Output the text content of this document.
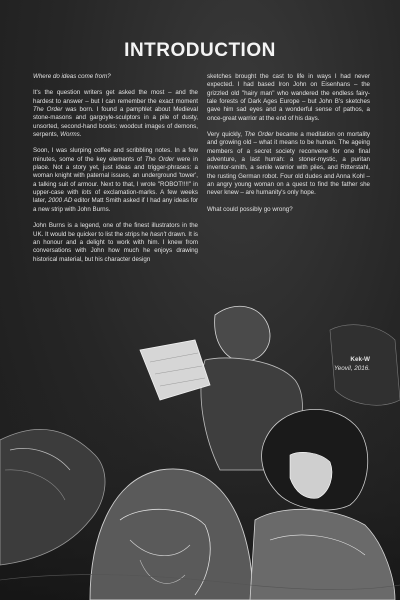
INTRODUCTION

Where do ideas come from?

It's the question writers get asked the most – and the hardest to answer – but I can remember the exact moment The Order was born. I found a pamphlet about Medieval stone-masons and gargoyle-sculptors in a pile of dusty, unsorted, second-hand books: woodcut images of demons, serpents, Worms.

Soon, I was slurping coffee and scribbling notes. In a few minutes, some of the key elements of The Order were in place. Not a story yet, just ideas and trigger-phrases: a woman knight with paternal issues, an underground 'tower', a talking suit of armour. Next to that, I wrote "ROBOT!!!!" in upper-case with lots of exclamation-marks. A few weeks later, 2000 AD editor Matt Smith asked if I had any ideas for a new strip with John Burns.

John Burns is a legend, one of the finest illustrators in the UK. It would be quicker to list the strips he hasn't drawn. It is an honour and a delight to work with him. I knew from conversations with John how much he enjoys drawing historical material, but his character design

sketches brought the cast to life in ways I had never expected. I had based Iron John on Eisenhans – the grizzled old "hairy man" who wandered the endless fairy-tale forests of Dark Ages Europe – but John B's sketches gave him sad eyes and a wonderful sense of pathos, a once-great warrior at the end of his days.

Very quickly, The Order became a meditation on mortality and growing old – what it means to be human. The ageing members of a secret society reconvene for one final adventure, a last hurrah: a stoner-mystic, a puritan inventor-smith, a senile warrior with piles, and Ritterstahl, the rusting German robot. Four old dudes and Anna Kohl – an angry young woman on a quest to find the father she never knew – are humanity's only hope.

What could possibly go wrong?

Kek-W
Yeovil, 2016.
